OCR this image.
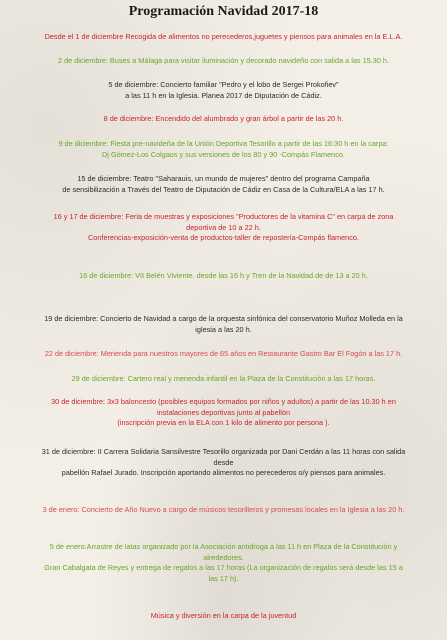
Programación Navidad 2017-18

Desde el 1 de diciembre Recogida de alimentos no perecederos,juguetes y piensos para animales en la E.L.A.

2 de diciembre: Buses a Málaga para visitar iluminación y decorado navideño con salida a las 15.30 h.

5 de diciembre: Concierto familiar "Pedro y el lobo de Sergei Prokofiev"

a las 11 h en la Iglesia. Planea 2017 de Diputación de Cádiz.

8 de diciembre: Encendido del alumbrado y gran árbol a partir de las 20 h.

9 de diciembre: Fiesta pre-navideña de la Unión Deportiva Tesorillo a partir de las 16:30 h en la carpa:

Dj Gómez-Los Colgaos y sus versiones de los 80 y 90 -Compás Flamenco.

15 de diciembre: Teatro "Saharauis, un mundo de mujeres" dentro del programa Campaña

de sensibilización a Través del Teatro de Diputación de Cádiz en Casa de la Cultura/ELA a las 17 h.

16 y 17 de diciembre: Feria de muestras y exposiciones "Productores de la vitamina C" en carpa de zona

deportiva de 10 a 22 h.

Conferencias-exposición-venta de productos-taller de repostería-Compás flamenco.

16 de diciembre: VII Belén Viviente. desde las 16 h y Tren de la Navidad.de de 13 a 20 h.

19 de diciembre: Concierto de Navidad a cargo de la orquesta sinfónica del conservatorio Muñoz Molleda en la

iglesia a las 20 h.

22 de diciembre: Merienda para nuestros mayores de 65 años en Restaurante Gastro Bar El Fogón a las 17 h.

29 de diciembre: Cartero real y merienda infantil en la Plaza de la Constitución a las 17 horas.

30 de diciembre: 3x3 baloncesto (posibles equipos formados por niños y adultos) a partir de las 10.30 h en

instalaciones deportivas junto al pabellón

(inscripción previa en la ELA con 1 kilo de alimento por persona ).

31 de diciembre: II Carrera Solidaria Sansilvestre Tesorillo organizada por Dani Cerdán a las 11 horas con salida

desde

pabellón Rafael Jurado. Inscripción aportando alimentos no perecederos o/y piensos para animales.

3 de enero: Concierto de Año Nuevo a cargo de músicos tesorilleros y promesas locales en la Iglesia a las 20 h.

5 de enero:Arrastre de latas organizado por la Asociación antidroga a las 11 h en Plaza de la Constitución y

alrededores.

Gran Cabalgata de Reyes y entrega de regalos a las 17 horas (La organización de regalos será desde las 15 a

las 17 h).

Música y diversión en la carpa de la juventud
